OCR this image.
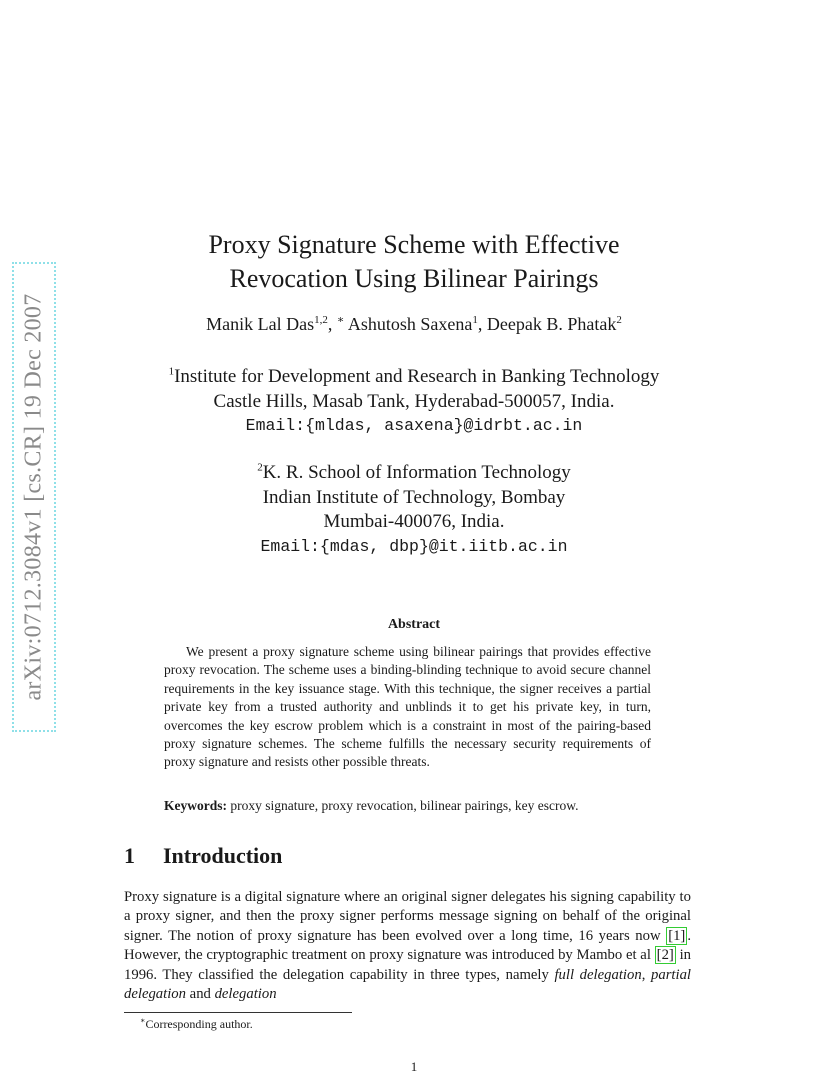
arXiv:0712.3084v1 [cs.CR] 19 Dec 2007
Proxy Signature Scheme with Effective
Revocation Using Bilinear Pairings
Manik Lal Das$^{1,2}$, ∗ Ashutosh Saxena$^1$, Deepak B. Phatak$^2$
$^1$Institute for Development and Research in Banking Technology
Castle Hills, Masab Tank, Hyderabad-500057, India.
Email:{mldas, asaxena}@idrbt.ac.in
$^2$K. R. School of Information Technology
Indian Institute of Technology, Bombay
Mumbai-400076, India.
Email:{mdas, dbp}@it.iitb.ac.in
Abstract
We present a proxy signature scheme using bilinear pairings that provides effective proxy revocation. The scheme uses a binding-blinding technique to avoid secure channel requirements in the key issuance stage. With this technique, the signer receives a partial private key from a trusted authority and unblinds it to get his private key, in turn, overcomes the key escrow problem which is a constraint in most of the pairing-based proxy signature schemes. The scheme fulfills the necessary security requirements of proxy signature and resists other possible threats.
Keywords: proxy signature, proxy revocation, bilinear pairings, key escrow.
1 Introduction
Proxy signature is a digital signature where an original signer delegates his signing capability to a proxy signer, and then the proxy signer performs message signing on behalf of the original signer. The notion of proxy signature has been evolved over a long time, 16 years now [1] . However, the cryptographic treatment on proxy signature was introduced by Mambo et al [2] in 1996. They classified the delegation capability in three types, namely full delegation, partial delegation and delegation
∗Corresponding author.
1
